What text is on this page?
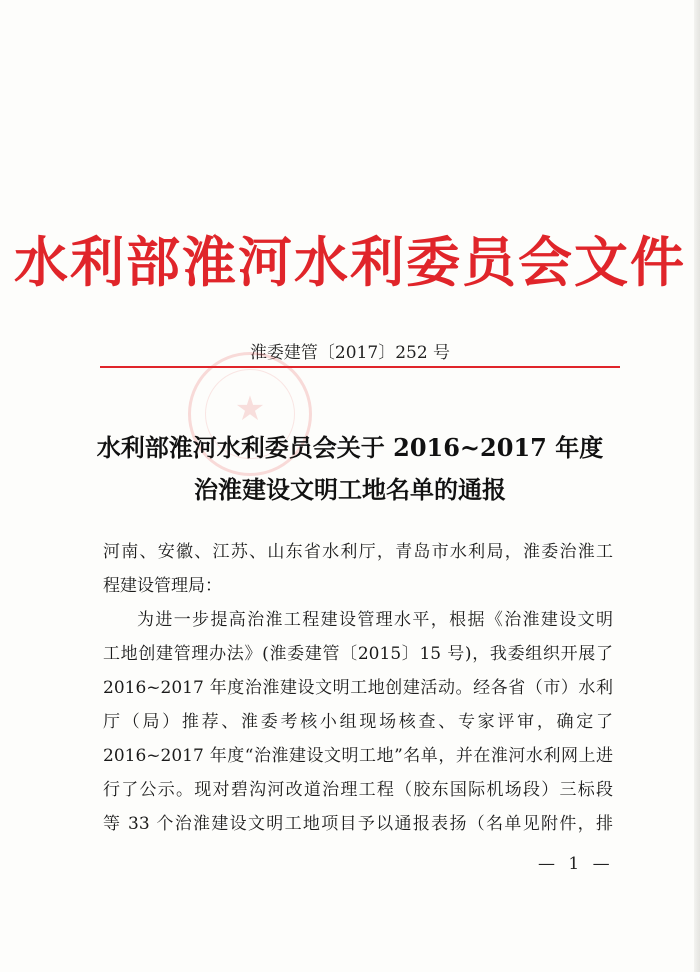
水利部淮河水利委员会文件
淮委建管〔2017〕252 号
★
水利部淮河水利委员会关于 2016~2017 年度
治淮建设文明工地名单的通报
河南、安徽、江苏、山东省水利厅，青岛市水利局，淮委治淮工
程建设管理局：
为进一步提高治淮工程建设管理水平，根据《治淮建设文明
工地创建管理办法》(淮委建管〔2015〕15 号)，我委组织开展了
2016~2017 年度治淮建设文明工地创建活动。经各省（市）水利
厅（局）推荐、淮委考核小组现场核查、专家评审，确定了
2016~2017 年度“治淮建设文明工地”名单，并在淮河水利网上进
行了公示。现对碧沟河改道治理工程（胶东国际机场段）三标段
等 33 个治淮建设文明工地项目予以通报表扬（名单见附件，排
— 1 —
